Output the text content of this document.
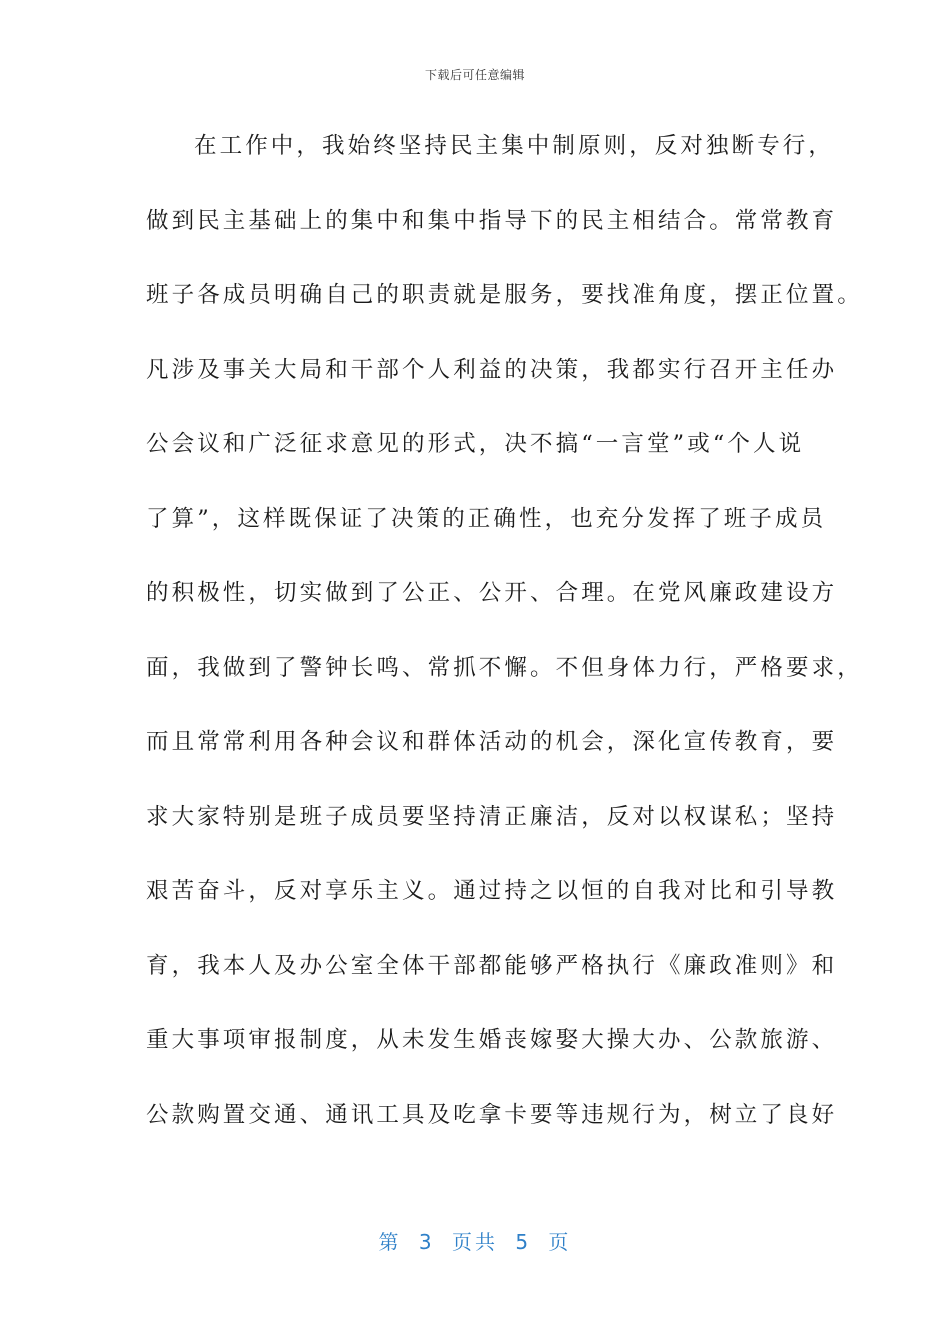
下载后可任意编辑
在工作中，我始终坚持民主集中制原则，反对独断专行，
做到民主基础上的集中和集中指导下的民主相结合。常常教育
班子各成员明确自己的职责就是服务，要找准角度，摆正位置。
凡涉及事关大局和干部个人利益的决策，我都实行召开主任办
公会议和广泛征求意见的形式，决不搞“一言堂”或“个人说
了算”，这样既保证了决策的正确性，也充分发挥了班子成员
的积极性，切实做到了公正、公开、合理。在党风廉政建设方
面，我做到了警钟长鸣、常抓不懈。不但身体力行，严格要求，
而且常常利用各种会议和群体活动的机会，深化宣传教育，要
求大家特别是班子成员要坚持清正廉洁，反对以权谋私；坚持
艰苦奋斗，反对享乐主义。通过持之以恒的自我对比和引导教
育，我本人及办公室全体干部都能够严格执行《廉政准则》和
重大事项审报制度，从未发生婚丧嫁娶大操大办、公款旅游、
公款购置交通、通讯工具及吃拿卡要等违规行为，树立了良好
第 3 页共 5 页
